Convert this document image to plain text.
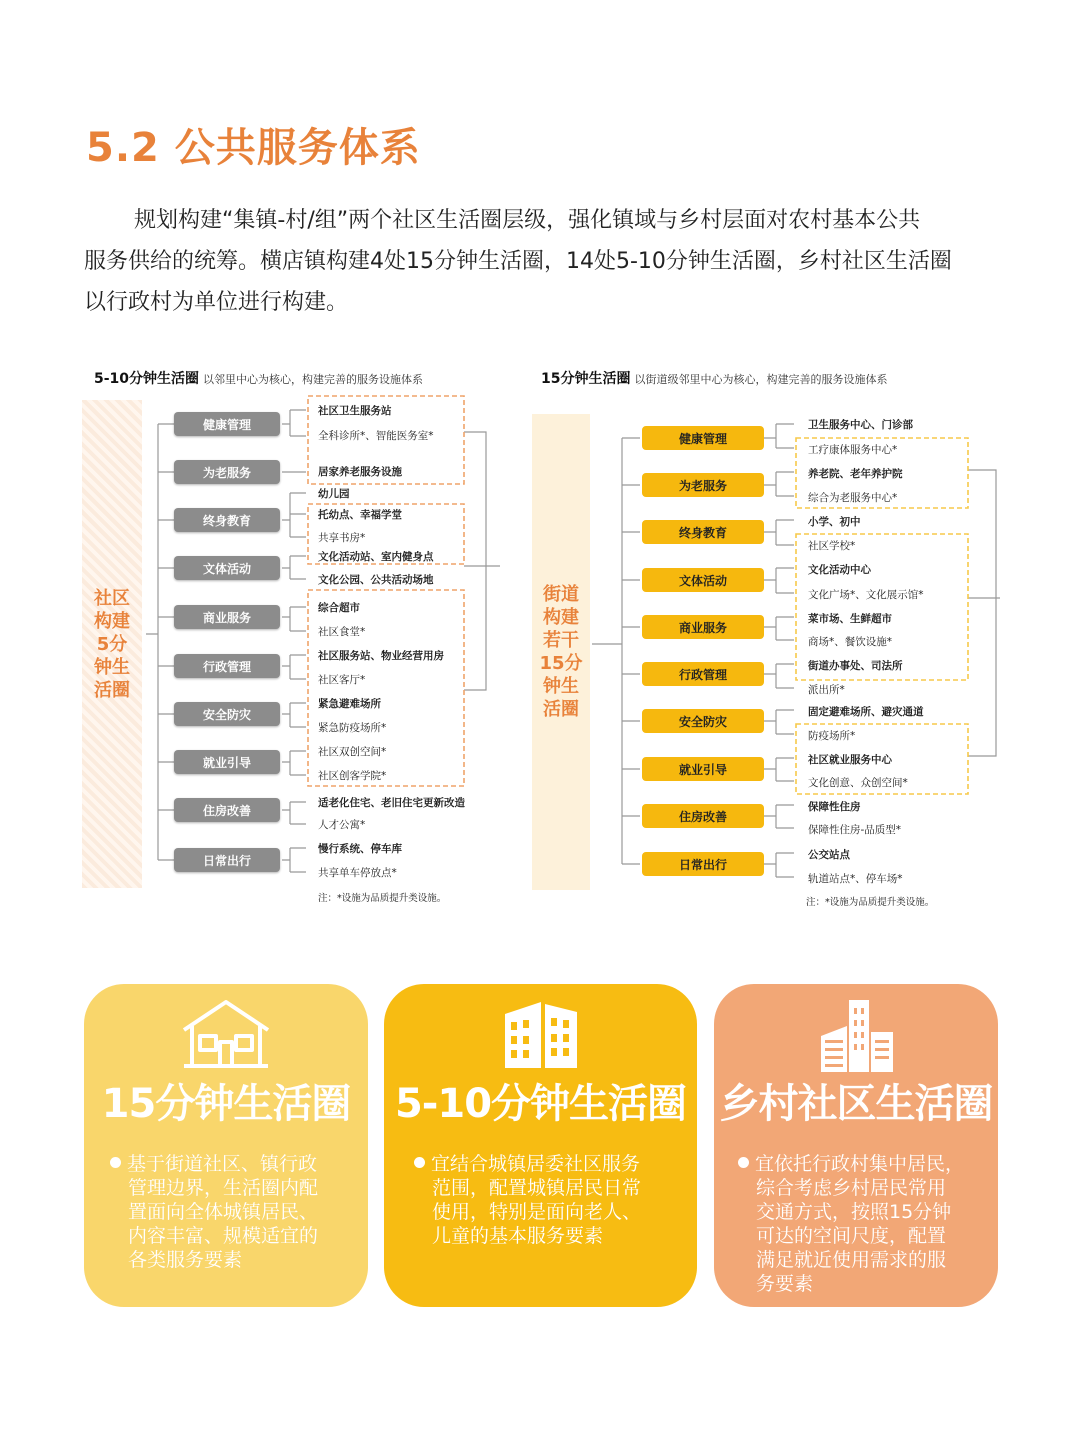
5.2 公共服务体系
规划构建“集镇-村/组”两个社区生活圈层级，强化镇域与乡村层面对农村基本公共
服务供给的统筹。横店镇构建4处15分钟生活圈，14处5-10分钟生活圈，乡村社区生活圈
以行政村为单位进行构建。
5-10分钟生活圈 以邻里中心为核心，构建完善的服务设施体系
社区
构建
5分
钟生
活圈
健康管理
为老服务
终身教育
文体活动
商业服务
行政管理
安全防灾
就业引导
住房改善
日常出行
社区卫生服务站
全科诊所*、智能医务室*
居家养老服务设施
幼儿园
托幼点、幸福学堂
共享书房*
文化活动站、室内健身点
文化公园、公共活动场地
综合超市
社区食堂*
社区服务站、物业经营用房
社区客厅*
紧急避难场所
紧急防疫场所*
社区双创空间*
社区创客学院*
适老化住宅、老旧住宅更新改造
人才公寓*
慢行系统、停车库
共享单车停放点*
注：*设施为品质提升类设施。
15分钟生活圈 以街道级邻里中心为核心，构建完善的服务设施体系
街道
构建
若干
15分
钟生
活圈
健康管理
为老服务
终身教育
文体活动
商业服务
行政管理
安全防灾
就业引导
住房改善
日常出行
卫生服务中心、门诊部
工疗康体服务中心*
养老院、老年养护院
综合为老服务中心*
小学、初中
社区学校*
文化活动中心
文化广场*、文化展示馆*
菜市场、生鲜超市
商场*、餐饮设施*
街道办事处、司法所
派出所*
固定避难场所、避灾通道
防疫场所*
社区就业服务中心
文化创意、众创空间*
保障性住房
保障性住房-品质型*
公交站点
轨道站点*、停车场*
注：*设施为品质提升类设施。
15分钟生活圈
基于街道社区、镇行政
管理边界，生活圈内配
置面向全体城镇居民、
内容丰富、规模适宜的
各类服务要素
5-10分钟生活圈
宜结合城镇居委社区服务
范围，配置城镇居民日常
使用，特别是面向老人、
儿童的基本服务要素
乡村社区生活圈
宜依托行政村集中居民，
综合考虑乡村居民常用
交通方式，按照15分钟
可达的空间尺度，配置
满足就近使用需求的服
务要素
